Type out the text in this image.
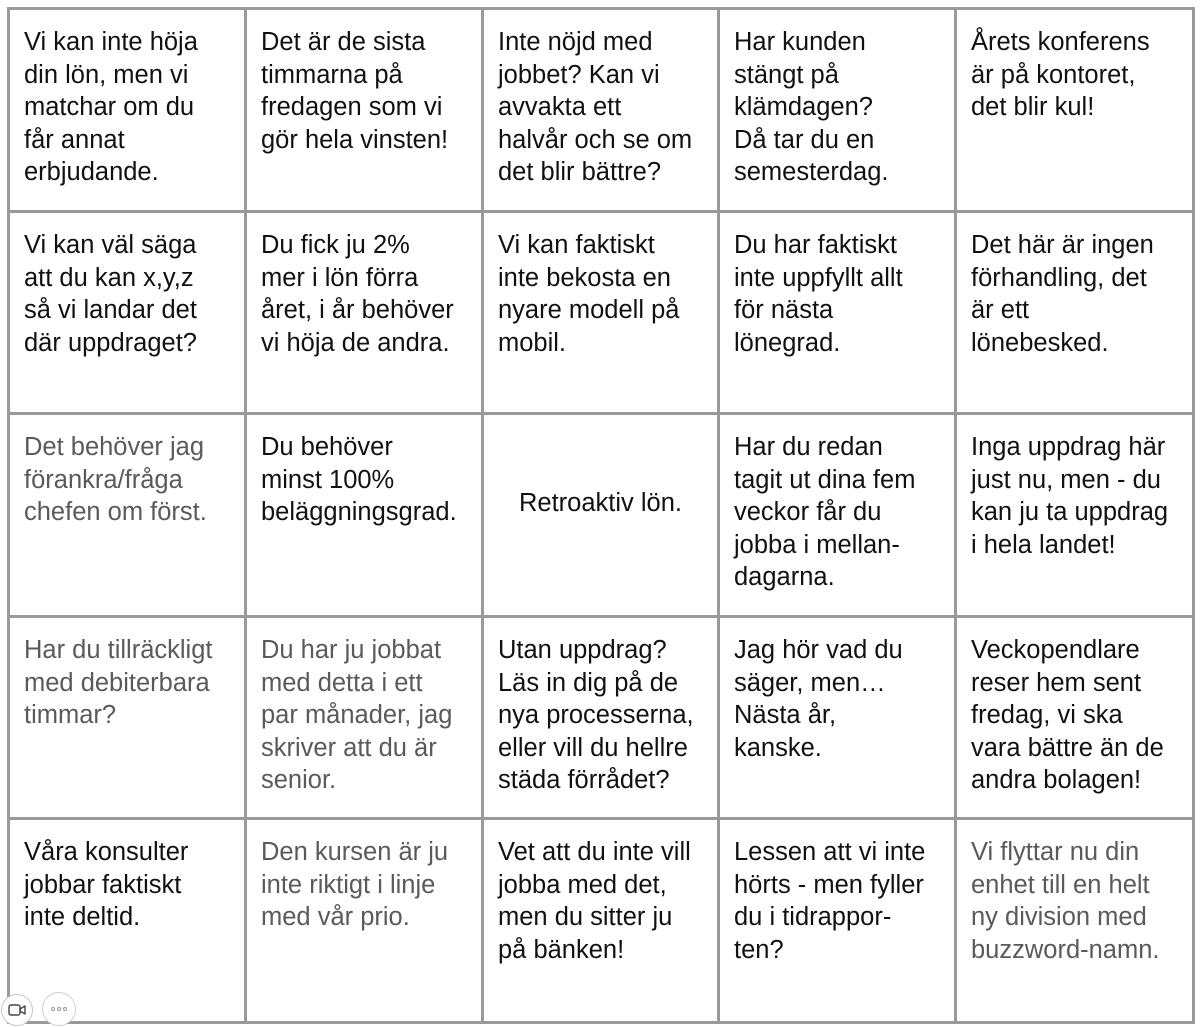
Vi kan inte höja
din lön, men vi
matchar om du
får annat
erbjudande.
Det är de sista
timmarna på
fredagen som vi
gör hela vinsten!
Inte nöjd med
jobbet? Kan vi
avvakta ett
halvår och se om
det blir bättre?
Har kunden
stängt på
klämdagen?
Då tar du en
semesterdag.
Årets konferens
är på kontoret,
det blir kul!
Vi kan väl säga
att du kan x,y,z
så vi landar det
där uppdraget?
Du fick ju 2%
mer i lön förra
året, i år behöver
vi höja de andra.
Vi kan faktiskt
inte bekosta en
nyare modell på
mobil.
Du har faktiskt
inte uppfyllt allt
för nästa
lönegrad.
Det här är ingen
förhandling, det
är ett
lönebesked.
Det behöver jag
förankra/fråga
chefen om först.
Du behöver
minst 100%
beläggningsgrad.	Retroaktiv lön.
Har du redan
tagit ut dina fem
veckor får du
jobba i mellan-
dagarna.
Inga uppdrag här
just nu, men - du
kan ju ta uppdrag
i hela landet!
Har du tillräckligt
med debiterbara
timmar?
Du har ju jobbat
med detta i ett
par månader, jag
skriver att du är
senior.
Utan uppdrag?
Läs in dig på de
nya processerna,
eller vill du hellre
städa förrådet?
Jag hör vad du
säger, men…
Nästa år,
kanske.
Veckopendlare
reser hem sent
fredag, vi ska
vara bättre än de
andra bolagen!
Våra konsulter
jobbar faktiskt
inte deltid.
Den kursen är ju
inte riktigt i linje
med vår prio.
Vet att du inte vill
jobba med det,
men du sitter ju
på bänken!
Lessen att vi inte
hörts - men fyller
du i tidrappor-
ten?
Vi flyttar nu din
enhet till en helt
ny division med
buzzword-namn.
